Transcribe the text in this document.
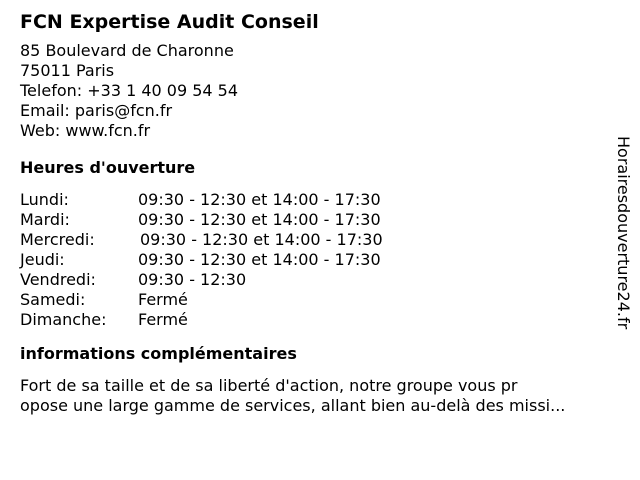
FCN Expertise Audit Conseil
85 Boulevard de Charonne
75011 Paris
Telefon: +33 1 40 09 54 54
Email: paris@fcn.fr
Web: www.fcn.fr
Heures d'ouverture
Lundi:	09:30 - 12:30 et 14:00 - 17:30
Mardi:	09:30 - 12:30 et 14:00 - 17:30
Mercredi:	09:30 - 12:30 et 14:00 - 17:30
Jeudi:	09:30 - 12:30 et 14:00 - 17:30
Vendredi:	09:30 - 12:30
Samedi:	Fermé
Dimanche:	Fermé
informations complémentaires
Fort de sa taille et de sa liberté d'action, notre groupe vous pr
opose une large gamme de services, allant bien au-delà des missi...
Horairesdouverture24.fr
